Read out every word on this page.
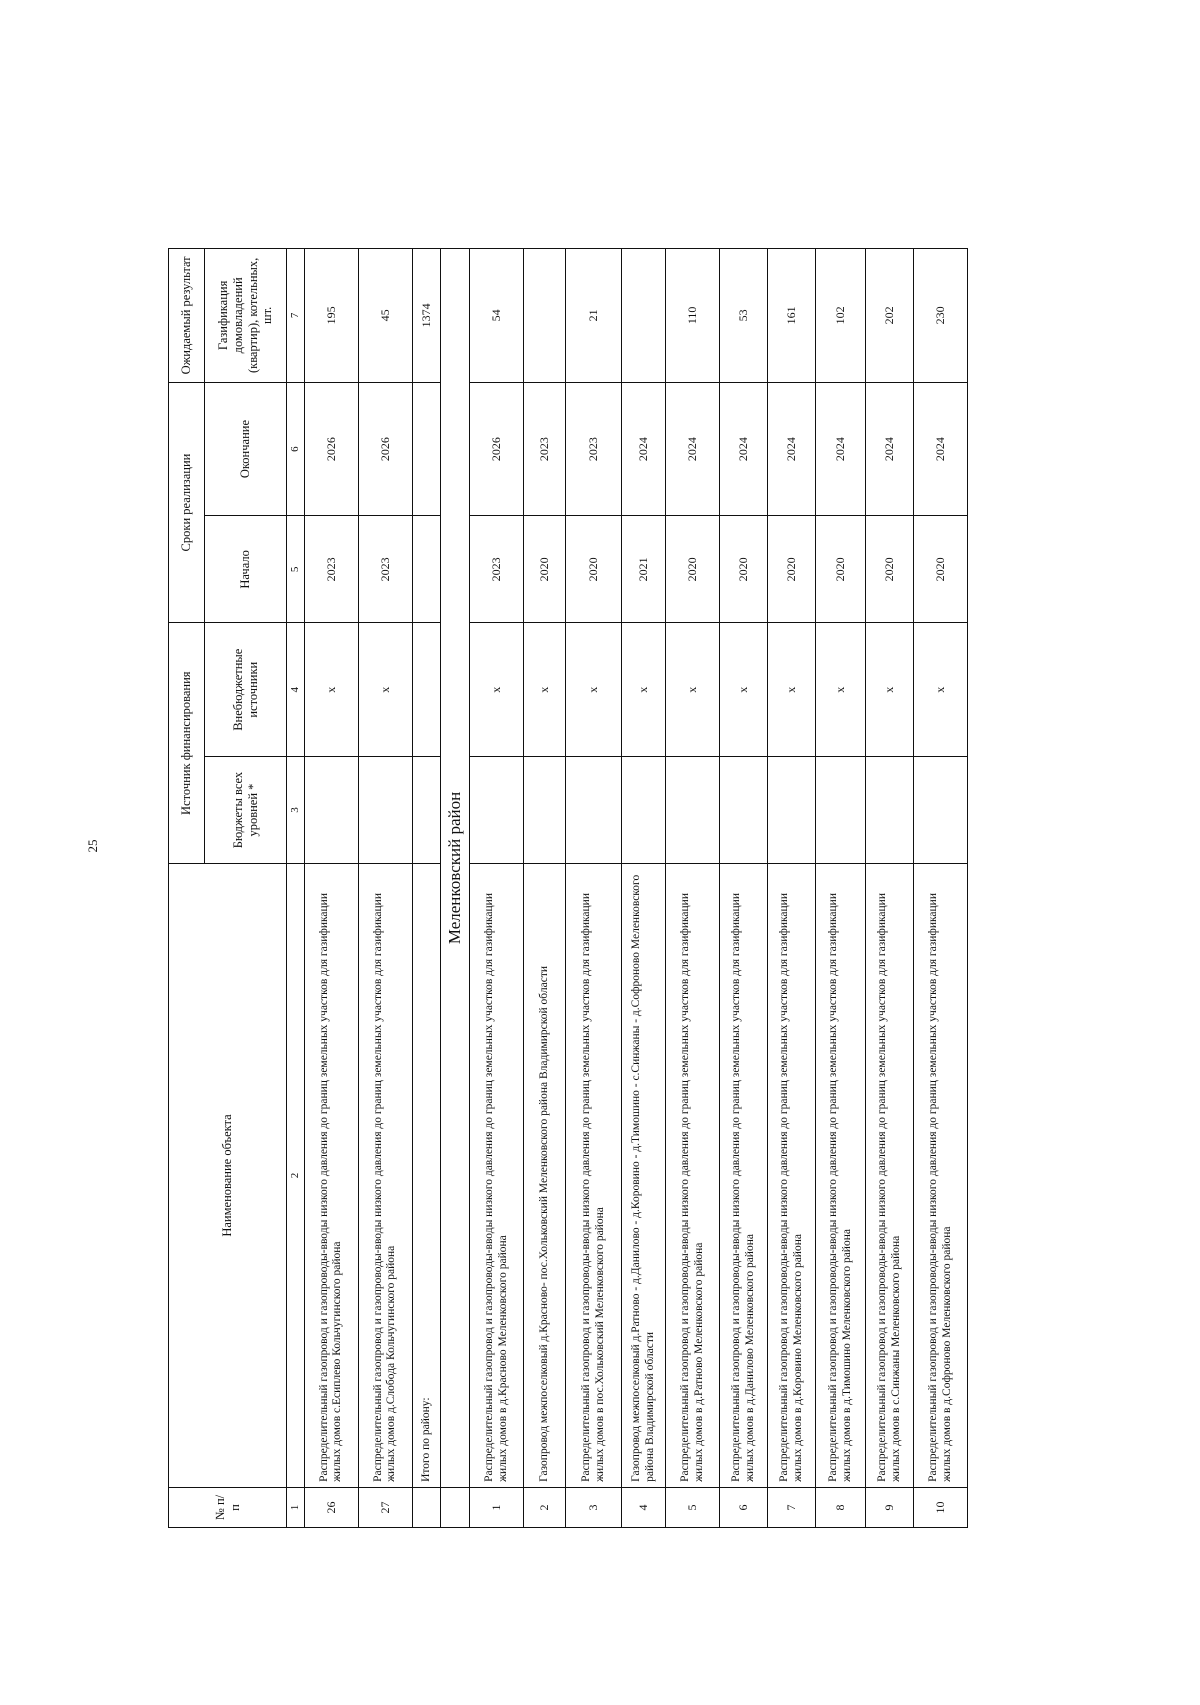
25
№ п/п	Наименование объекта	Источник финансирования		Сроки реализации		Ожидаемый результат
		Бюджеты всех уровней *	Внебюджетные источники	Начало	Окончание	Газификация домовладений (квартир), котельных, шт.
1	2	3	4	5	6	7
26	Распределительный газопровод и газопроводы-вводы низкого давления до границ земельных участков для газификации жилых домов с.Есиплево Кольчугинского района		x	2023	2026	195
27	Распределительный газопровод и газопроводы-вводы низкого давления до границ земельных участков для газификации жилых домов д.Слобода Кольчугинского района		x	2023	2026	45
	Итого по району:					1374
	Меленковский район					
1	Распределительный газопровод и газопроводы-вводы низкого давления до границ земельных участков для газификации жилых домов в д.Красново Меленковского района		x	2023	2026	54
2	Газопровод межпоселковый д.Красново- пос.Хольковский Меленковского района Владимирской области		x	2020	2023	
3	Распределительный газопровод и газопроводы-вводы низкого давления до границ земельных участков для газификации жилых домов в пос.Хольковский Меленковского района		x	2020	2023	21
4	Газопровод межпоселковый д.Ратново - д.Данилово - д.Коровино - д.Тимошино - с.Синжаны - д.Софроново Меленковского района Владимирской области		x	2021	2024	
5	Распределительный газопровод и газопроводы-вводы низкого давления до границ земельных участков для газификации жилых домов в д.Ратново Меленковского района		x	2020	2024	110
6	Распределительный газопровод и газопроводы-вводы низкого давления до границ земельных участков для газификации жилых домов в д.Данилово Меленковского района		x	2020	2024	53
7	Распределительный газопровод и газопроводы-вводы низкого давления до границ земельных участков для газификации жилых домов в д.Коровино Меленковского района		x	2020	2024	161
8	Распределительный газопровод и газопроводы-вводы низкого давления до границ земельных участков для газификации жилых домов в д.Тимошино Меленковского района		x	2020	2024	102
9	Распределительный газопровод и газопроводы-вводы низкого давления до границ земельных участков для газификации жилых домов в с.Синжаны Меленковского района		x	2020	2024	202
10	Распределительный газопровод и газопроводы-вводы низкого давления до границ земельных участков для газификации жилых домов в д.Софроново Меленковского района		x	2020	2024	230
